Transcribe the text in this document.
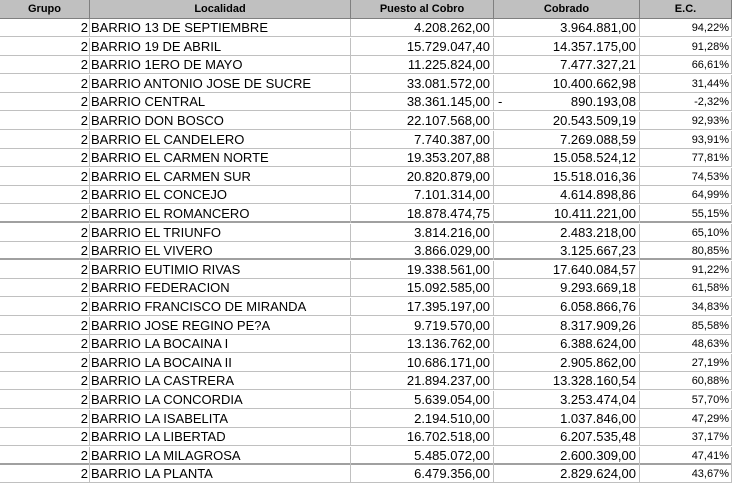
Grupo	Localidad	Puesto al Cobro	Cobrado	E.C.
2 BARRIO 13 DE SEPTIEMBRE	4.208.262,00	3.964.881,00	94,22%
2 BARRIO 19 DE ABRIL	15.729.047,40	14.357.175,00	91,28%
2 BARRIO 1ERO DE MAYO	11.225.824,00	7.477.327,21	66,61%
2 BARRIO ANTONIO JOSE DE SUCRE	33.081.572,00	10.400.662,98	31,44%
2 BARRIO CENTRAL	38.361.145,00 -	890.193,08	-2,32%
2 BARRIO DON BOSCO	22.107.568,00	20.543.509,19	92,93%
2 BARRIO EL CANDELERO	7.740.387,00	7.269.088,59	93,91%
2 BARRIO EL CARMEN NORTE	19.353.207,88	15.058.524,12	77,81%
2 BARRIO EL CARMEN SUR	20.820.879,00	15.518.016,36	74,53%
2 BARRIO EL CONCEJO	7.101.314,00	4.614.898,86	64,99%
2 BARRIO EL ROMANCERO	18.878.474,75	10.411.221,00	55,15%
2 BARRIO EL TRIUNFO	3.814.216,00	2.483.218,00	65,10%
2 BARRIO EL VIVERO	3.866.029,00	3.125.667,23	80,85%
2 BARRIO EUTIMIO RIVAS	19.338.561,00	17.640.084,57	91,22%
2 BARRIO FEDERACION	15.092.585,00	9.293.669,18	61,58%
2 BARRIO FRANCISCO DE MIRANDA	17.395.197,00	6.058.866,76	34,83%
2 BARRIO JOSE REGINO PE?A	9.719.570,00	8.317.909,26	85,58%
2 BARRIO LA BOCAINA I	13.136.762,00	6.388.624,00	48,63%
2 BARRIO LA BOCAINA II	10.686.171,00	2.905.862,00	27,19%
2 BARRIO LA CASTRERA	21.894.237,00	13.328.160,54	60,88%
2 BARRIO LA CONCORDIA	5.639.054,00	3.253.474,04	57,70%
2 BARRIO LA ISABELITA	2.194.510,00	1.037.846,00	47,29%
2 BARRIO LA LIBERTAD	16.702.518,00	6.207.535,48	37,17%
2 BARRIO LA MILAGROSA	5.485.072,00	2.600.309,00	47,41%
2 BARRIO LA PLANTA	6.479.356,00	2.829.624,00	43,67%
